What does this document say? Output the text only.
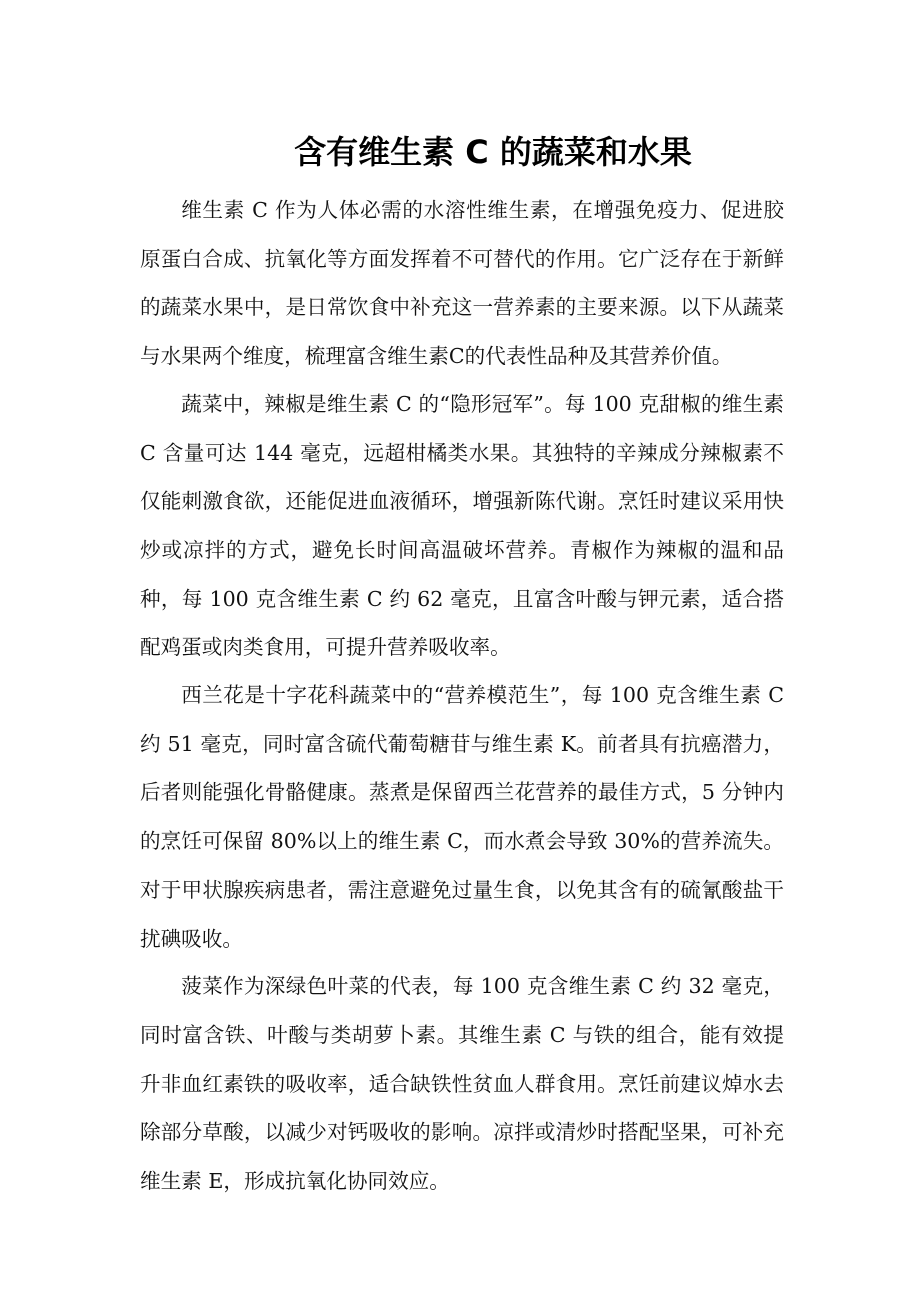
含有维生素 C 的蔬菜和水果

维生素 C 作为人体必需的水溶性维生素，在增强免疫力、促进胶原蛋白合成、抗氧化等方面发挥着不可替代的作用。它广泛存在于新鲜的蔬菜水果中，是日常饮食中补充这一营养素的主要来源。以下从蔬菜与水果两个维度，梳理富含维生素C的代表性品种及其营养价值。

蔬菜中，辣椒是维生素 C 的“隐形冠军”。每 100 克甜椒的维生素 C 含量可达 144 毫克，远超柑橘类水果。其独特的辛辣成分辣椒素不仅能刺激食欲，还能促进血液循环，增强新陈代谢。烹饪时建议采用快炒或凉拌的方式，避免长时间高温破坏营养。青椒作为辣椒的温和品种，每 100 克含维生素 C 约 62 毫克，且富含叶酸与钾元素，适合搭配鸡蛋或肉类食用，可提升营养吸收率。

西兰花是十字花科蔬菜中的“营养模范生”，每 100 克含维生素 C 约 51 毫克，同时富含硫代葡萄糖苷与维生素 K。前者具有抗癌潜力，后者则能强化骨骼健康。蒸煮是保留西兰花营养的最佳方式，5 分钟内的烹饪可保留 80%以上的维生素 C，而水煮会导致 30%的营养流失。对于甲状腺疾病患者，需注意避免过量生食，以免其含有的硫氰酸盐干扰碘吸收。

菠菜作为深绿色叶菜的代表，每 100 克含维生素 C 约 32 毫克，同时富含铁、叶酸与类胡萝卜素。其维生素 C 与铁的组合，能有效提升非血红素铁的吸收率，适合缺铁性贫血人群食用。烹饪前建议焯水去除部分草酸，以减少对钙吸收的影响。凉拌或清炒时搭配坚果，可补充维生素 E，形成抗氧化协同效应。
